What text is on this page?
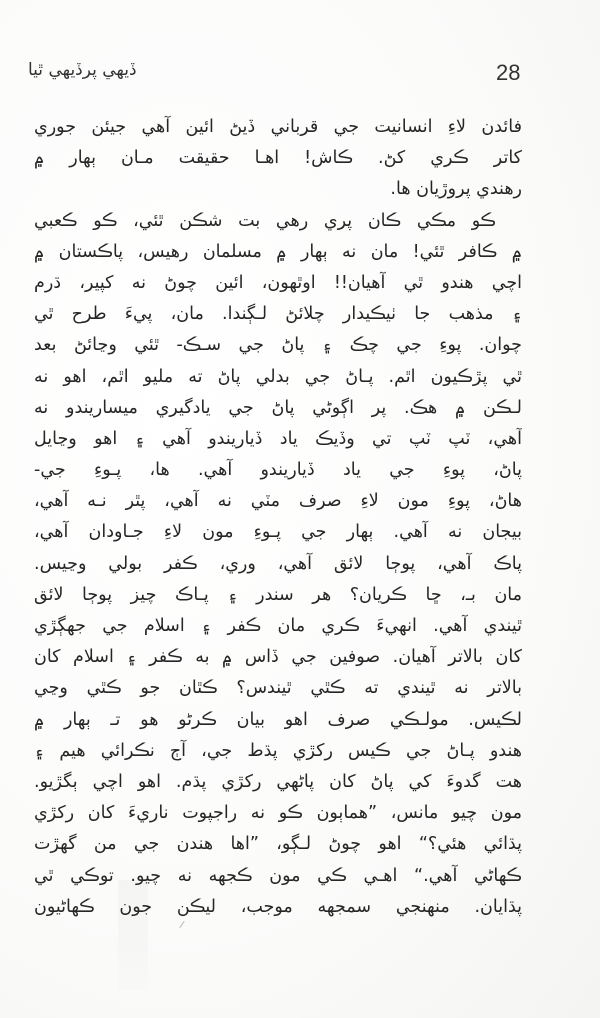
ڏيهي پرڏيهي ٿيا	28
فائدن لاءِ انسانيت جي قرباني ڏيڻ ائين آهي جيئن جوري
کاتر ڪري کڻ. ڪاش! اهـا حقيقت مـان ٻهار ۾
رهندي پروڙيان ها.
ڪو مڪي ڪان پري رهي بت شڪن ٿئي، ڪو ڪعبي
۾ ڪافر ٿئي! مان نه ٻهار ۾ مسلمان رهيس، پاڪستان ۾
اچي هندو ٿي آهيان!! اوٿهون، ائين چوڻ نه کپير، ڌرم
۽ مذهب جا ٺيڪيدار چلائڻ لـڳندا. مان، پيءَ طرح ٿي
چوان. پوءِ جي چڪ ۽ پاڻ جي سـڪ- ٿئي وڃائڻ بعد
ٿي پڙڪيون اٿم. پـاڻ جي بدلي پاڻ ته مليو اٿم، اهو نه
لـڪن ۾ هڪ. پر اڳوڻي پاڻ جي يادگيري ميساريندو نه
آهي، ٽپ ٽپ تي وڏيڪ ياد ڏياريندو آهي ۽ اهو وڃايل
پاڻ، پوءِ جي ياد ڏياريندو آهي. ها، پـوءِ جي-
هاڻ، پوءِ مون لاءِ صرف مٽي نه آهي، پٿر نـه آهي،
بيجان نه آهي. ٻهار جي پـوءِ مون لاءِ جـاودان آهي،
پاڪ آهي، پوڄا لائق آهي، وري، ڪفر بولي وڃيس.
مان بـ، ڇا ڪريان؟ هر سندر ۽ پـاڪ چيز پوڄا لائق
ٿيندي آهي. انهيءَ ڪري مان ڪفر ۽ اسلام جي جهڳڙي
کان بالاتر آهيان. صوفين جي ڏاس ۾ به ڪفر ۽ اسلام کان
بالاتر نه ٿيندي ته ڪٿي ٿيندس؟ ڪٿان جو ڪٿي وڃي
لڪيس. مولـڪي صرف اهو بيان ڪرڻو هو تـ ٻهار ۾
هندو پـاڻ جي ڪيس رکڙي پڌط جي، آڄ نڪرائي هيم ۽
هت گدوءَ کي پاڻ کان پاڻهي رکڙي پڌم. اهو اچي ٻگڙيو.
مون چيو مانس، ”هماٻون ڪو نه راجپوت ناريءَ کان رکڙي
پڌائي هئي؟“ اهو چوڻ لـڳو، ”اها هندن جي من گهڙت
ڪهاڻي آهي.“ اهـي ڪي مون ڪجهه نه چيو. توڪي ٿي
پڌايان. منهنجي سمجهه موجب، ليڪن جون ڪهاڻيون
